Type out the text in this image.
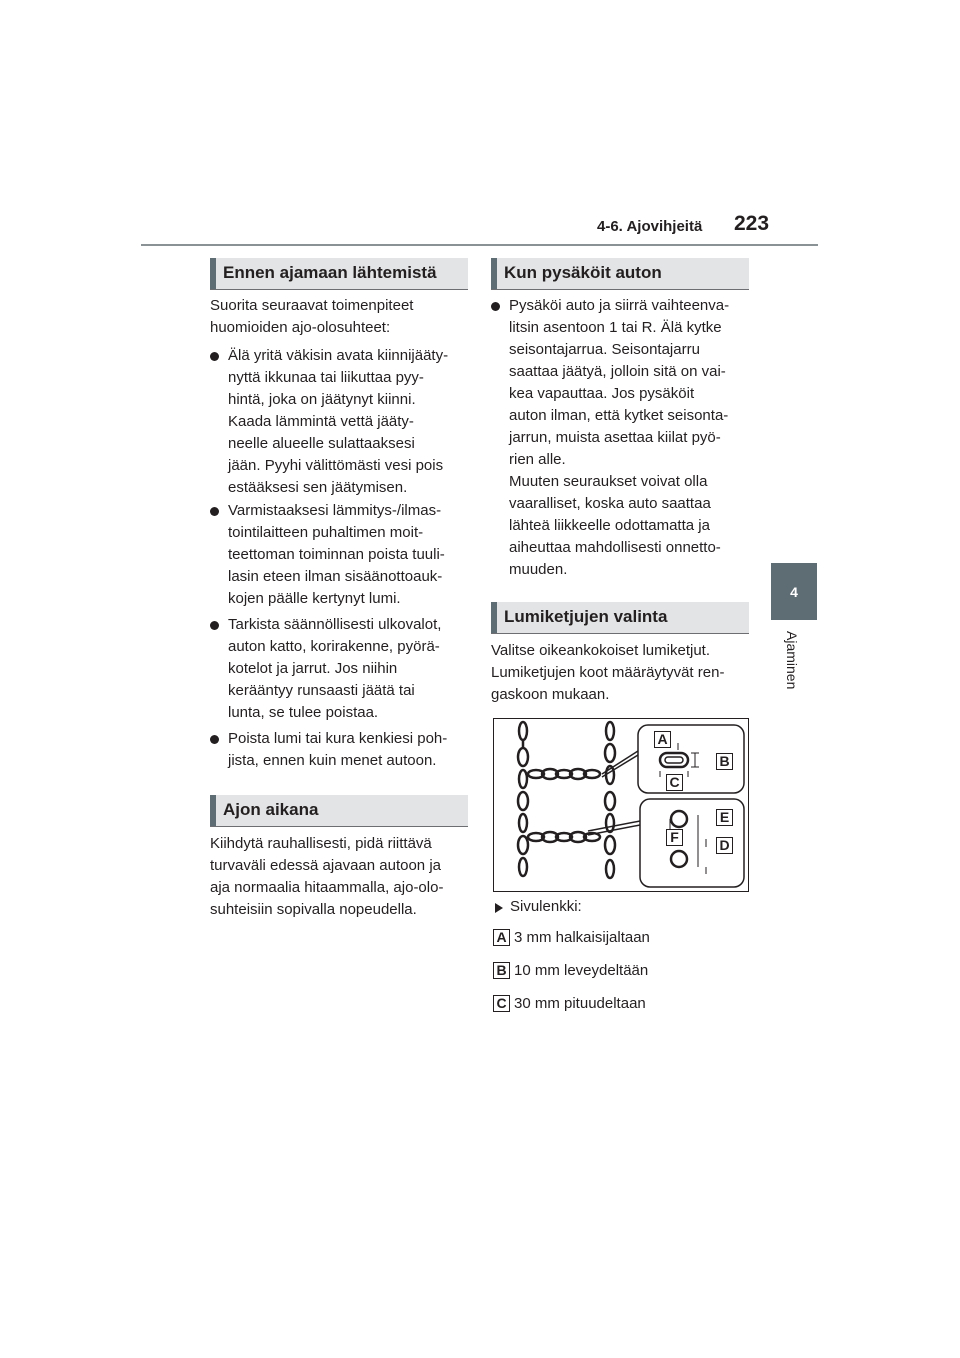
4-6. Ajovihjeitä 223
4
Ajaminen
Ennen ajamaan lähtemistä
Suorita seuraavat toimenpiteet
huomioiden ajo-olosuhteet:
Älä yritä väkisin avata kiinnijääty-
nyttä ikkunaa tai liikuttaa pyy-
hintä, joka on jäätynyt kiinni.
Kaada lämmintä vettä jääty-
neelle alueelle sulattaaksesi
jään. Pyyhi välittömästi vesi pois
estääksesi sen jäätymisen.
Varmistaaksesi lämmitys-/ilmas-
tointilaitteen puhaltimen moit-
teettoman toiminnan poista tuuli-
lasin eteen ilman sisäänottoauk-
kojen päälle kertynyt lumi.
Tarkista säännöllisesti ulkovalot,
auton katto, korirakenne, pyörä-
kotelot ja jarrut. Jos niihin
kerääntyy runsaasti jäätä tai
lunta, se tulee poistaa.
Poista lumi tai kura kenkiesi poh-
jista, ennen kuin menet autoon.
Ajon aikana
Kiihdytä rauhallisesti, pidä riittävä
turvaväli edessä ajavaan autoon ja
aja normaalia hitaammalla, ajo-olo-
suhteisiin sopivalla nopeudella.
Kun pysäköit auton
Pysäköi auto ja siirrä vaihteenva-
litsin asentoon 1 tai R. Älä kytke
seisontajarrua. Seisontajarru
saattaa jäätyä, jolloin sitä on vai-
kea vapauttaa. Jos pysäköit
auton ilman, että kytket seisonta-
jarrun, muista asettaa kiilat pyö-
rien alle.
Muuten seuraukset voivat olla
vaaralliset, koska auto saattaa
lähteä liikkeelle odottamatta ja
aiheuttaa mahdollisesti onnetto-
muuden.
Lumiketjujen valinta
Valitse oikeankokoiset lumiketjut.
Lumiketjujen koot määräytyvät ren-
gaskoon mukaan.
A
B
C
E
F	D
Sivulenkki:
A 3 mm halkaisijaltaan
B 10 mm leveydeltään
C 30 mm pituudeltaan
